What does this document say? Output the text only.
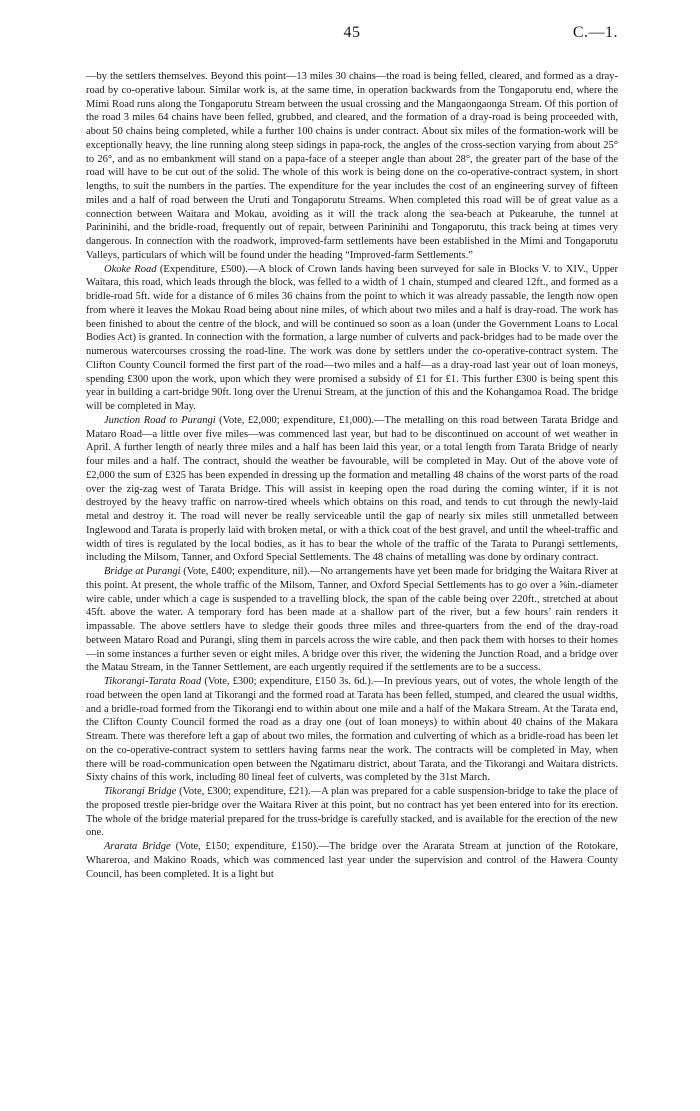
45	C.—1.

—by the settlers themselves. Beyond this point—13 miles 30 chains—the road is being felled, cleared, and formed as a dray-road by co-operative labour. Similar work is, at the same time, in operation backwards from the Tongaporutu end, where the Mimi Road runs along the Tongaporutu Stream between the usual crossing and the Mangaongaonga Stream. Of this portion of the road 3 miles 64 chains have been felled, grubbed, and cleared, and the formation of a dray-road is being proceeded with, about 50 chains being completed, while a further 100 chains is under contract. About six miles of the formation-work will be exceptionally heavy, the line running along steep sidings in papa-rock, the angles of the cross-section varying from about 25° to 26°, and as no embankment will stand on a papa-face of a steeper angle than about 28°, the greater part of the base of the road will have to be cut out of the solid. The whole of this work is being done on the co-operative-contract system, in short lengths, to suit the numbers in the parties. The expenditure for the year includes the cost of an engineering survey of fifteen miles and a half of road between the Uruti and Tongaporutu Streams. When completed this road will be of great value as a connection between Waitara and Mokau, avoiding as it will the track along the sea-beach at Pukearuhe, the tunnel at Parininihi, and the bridle-road, frequently out of repair, between Parininihi and Tongaporutu, this track being at times very dangerous. In connection with the roadwork, improved-farm settlements have been established in the Mimi and Tongaporutu Valleys, particulars of which will be found under the heading “Improved-farm Settlements.”

Okoke Road (Expenditure, £500).—A block of Crown lands having been surveyed for sale in Blocks V. to XIV., Upper Waitara, this road, which leads through the block, was felled to a width of 1 chain, stumped and cleared 12ft., and formed as a bridle-road 5ft. wide for a distance of 6 miles 36 chains from the point to which it was already passable, the length now open from where it leaves the Mokau Road being about nine miles, of which about two miles and a half is dray-road. The work has been finished to about the centre of the block, and will be continued so soon as a loan (under the Government Loans to Local Bodies Act) is granted. In connection with the formation, a large number of culverts and pack-bridges had to be made over the numerous watercourses crossing the road-line. The work was done by settlers under the co-operative-contract system. The Clifton County Council formed the first part of the road—two miles and a half—as a dray-road last year out of loan moneys, spending £300 upon the work, upon which they were promised a subsidy of £1 for £1. This further £300 is being spent this year in building a cart-bridge 90ft. long over the Urenui Stream, at the junction of this and the Kohangamoa Road. The bridge will be completed in May.

Junction Road to Purangi (Vote, £2,000; expenditure, £1,000).—The metalling on this road between Tarata Bridge and Mataro Road—a little over five miles—was commenced last year, but had to be discontinued on account of wet weather in April. A further length of nearly three miles and a half has been laid this year, or a total length from Tarata Bridge of nearly four miles and a half. The contract, should the weather be favourable, will be completed in May. Out of the above vote of £2,000 the sum of £325 has been expended in dressing up the formation and metalling 48 chains of the worst parts of the road over the zig-zag west of Tarata Bridge. This will assist in keeping open the road during the coming winter, if it is not destroyed by the heavy traffic on narrow-tired wheels which obtains on this road, and tends to cut through the newly-laid metal and destroy it. The road will never be really serviceable until the gap of nearly six miles still unmetalled between Inglewood and Tarata is properly laid with broken metal, or with a thick coat of the best gravel, and until the wheel-traffic and width of tires is regulated by the local bodies, as it has to bear the whole of the traffic of the Tarata to Purangi settlements, including the Milsom, Tanner, and Oxford Special Settlements. The 48 chains of metalling was done by ordinary contract.

Bridge at Purangi (Vote, £400; expenditure, nil).—No arrangements have yet been made for bridging the Waitara River at this point. At present, the whole traffic of the Milsom, Tanner, and Oxford Special Settlements has to go over a ⅝in.-diameter wire cable, under which a cage is suspended to a travelling block, the span of the cable being over 220ft., stretched at about 45ft. above the water. A temporary ford has been made at a shallow part of the river, but a few hours’ rain renders it impassable. The above settlers have to sledge their goods three miles and three-quarters from the end of the dray-road between Mataro Road and Purangi, sling them in parcels across the wire cable, and then pack them with horses to their homes—in some instances a further seven or eight miles. A bridge over this river, the widening the Junction Road, and a bridge over the Matau Stream, in the Tanner Settlement, are each urgently required if the settlements are to be a success.

Tikorangi-Tarata Road (Vote, £300; expenditure, £150 3s. 6d.).—In previous years, out of votes, the whole length of the road between the open land at Tikorangi and the formed road at Tarata has been felled, stumped, and cleared the usual widths, and a bridle-road formed from the Tikorangi end to within about one mile and a half of the Makara Stream. At the Tarata end, the Clifton County Council formed the road as a dray one (out of loan moneys) to within about 40 chains of the Makara Stream. There was therefore left a gap of about two miles, the formation and culverting of which as a bridle-road has been let on the co-operative-contract system to settlers having farms near the work. The contracts will be completed in May, when there will be road-communication open between the Ngatimaru district, about Tarata, and the Tikorangi and Waitara districts. Sixty chains of this work, including 80 lineal feet of culverts, was completed by the 31st March.

Tikorangi Bridge (Vote, £300; expenditure, £21).—A plan was prepared for a cable suspension-bridge to take the place of the proposed trestle pier-bridge over the Waitara River at this point, but no contract has yet been entered into for its erection. The whole of the bridge material prepared for the truss-bridge is carefully stacked, and is available for the erection of the new one.

Ararata Bridge (Vote, £150; expenditure, £150).—The bridge over the Ararata Stream at junction of the Rotokare, Whareroa, and Makino Roads, which was commenced last year under the supervision and control of the Hawera County Council, has been completed. It is a light but
